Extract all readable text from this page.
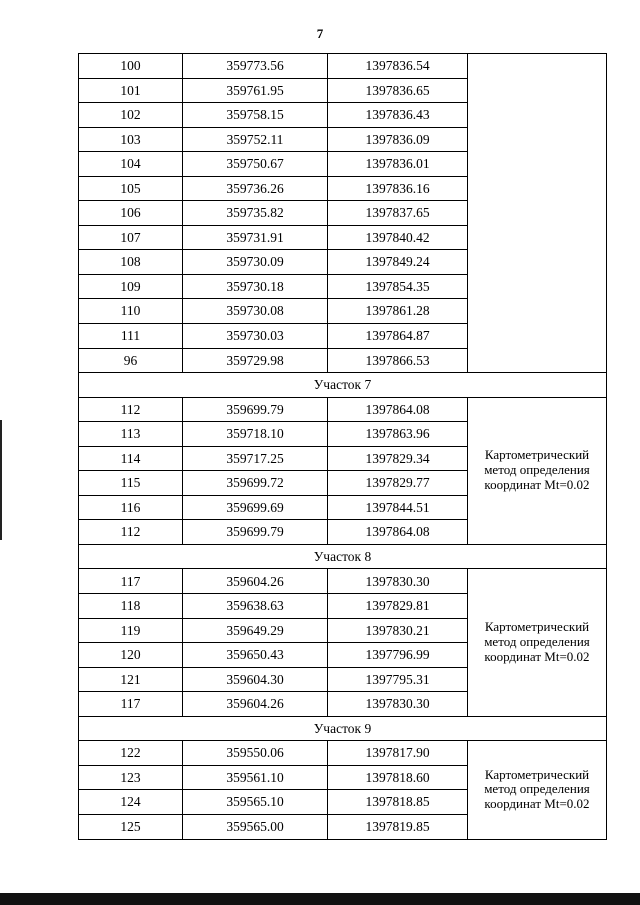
7
100	359773.56	1397836.54	
101	359761.95	1397836.65	
102	359758.15	1397836.43	
103	359752.11	1397836.09	
104	359750.67	1397836.01	
105	359736.26	1397836.16	
106	359735.82	1397837.65	
107	359731.91	1397840.42	
108	359730.09	1397849.24	
109	359730.18	1397854.35	
110	359730.08	1397861.28	
111	359730.03	1397864.87	
96	359729.98	1397866.53	
Участок 7			
112	359699.79	1397864.08	Картометрический метод определения координат Mt=0.02
113	359718.10	1397863.96	
114	359717.25	1397829.34	
115	359699.72	1397829.77	
116	359699.69	1397844.51	
112	359699.79	1397864.08	
Участок 8			
117	359604.26	1397830.30	Картометрический метод определения координат Mt=0.02
118	359638.63	1397829.81	
119	359649.29	1397830.21	
120	359650.43	1397796.99	
121	359604.30	1397795.31	
117	359604.26	1397830.30	
Участок 9			
122	359550.06	1397817.90	Картометрический метод определения координат Mt=0.02
123	359561.10	1397818.60	
124	359565.10	1397818.85	
125	359565.00	1397819.85	
